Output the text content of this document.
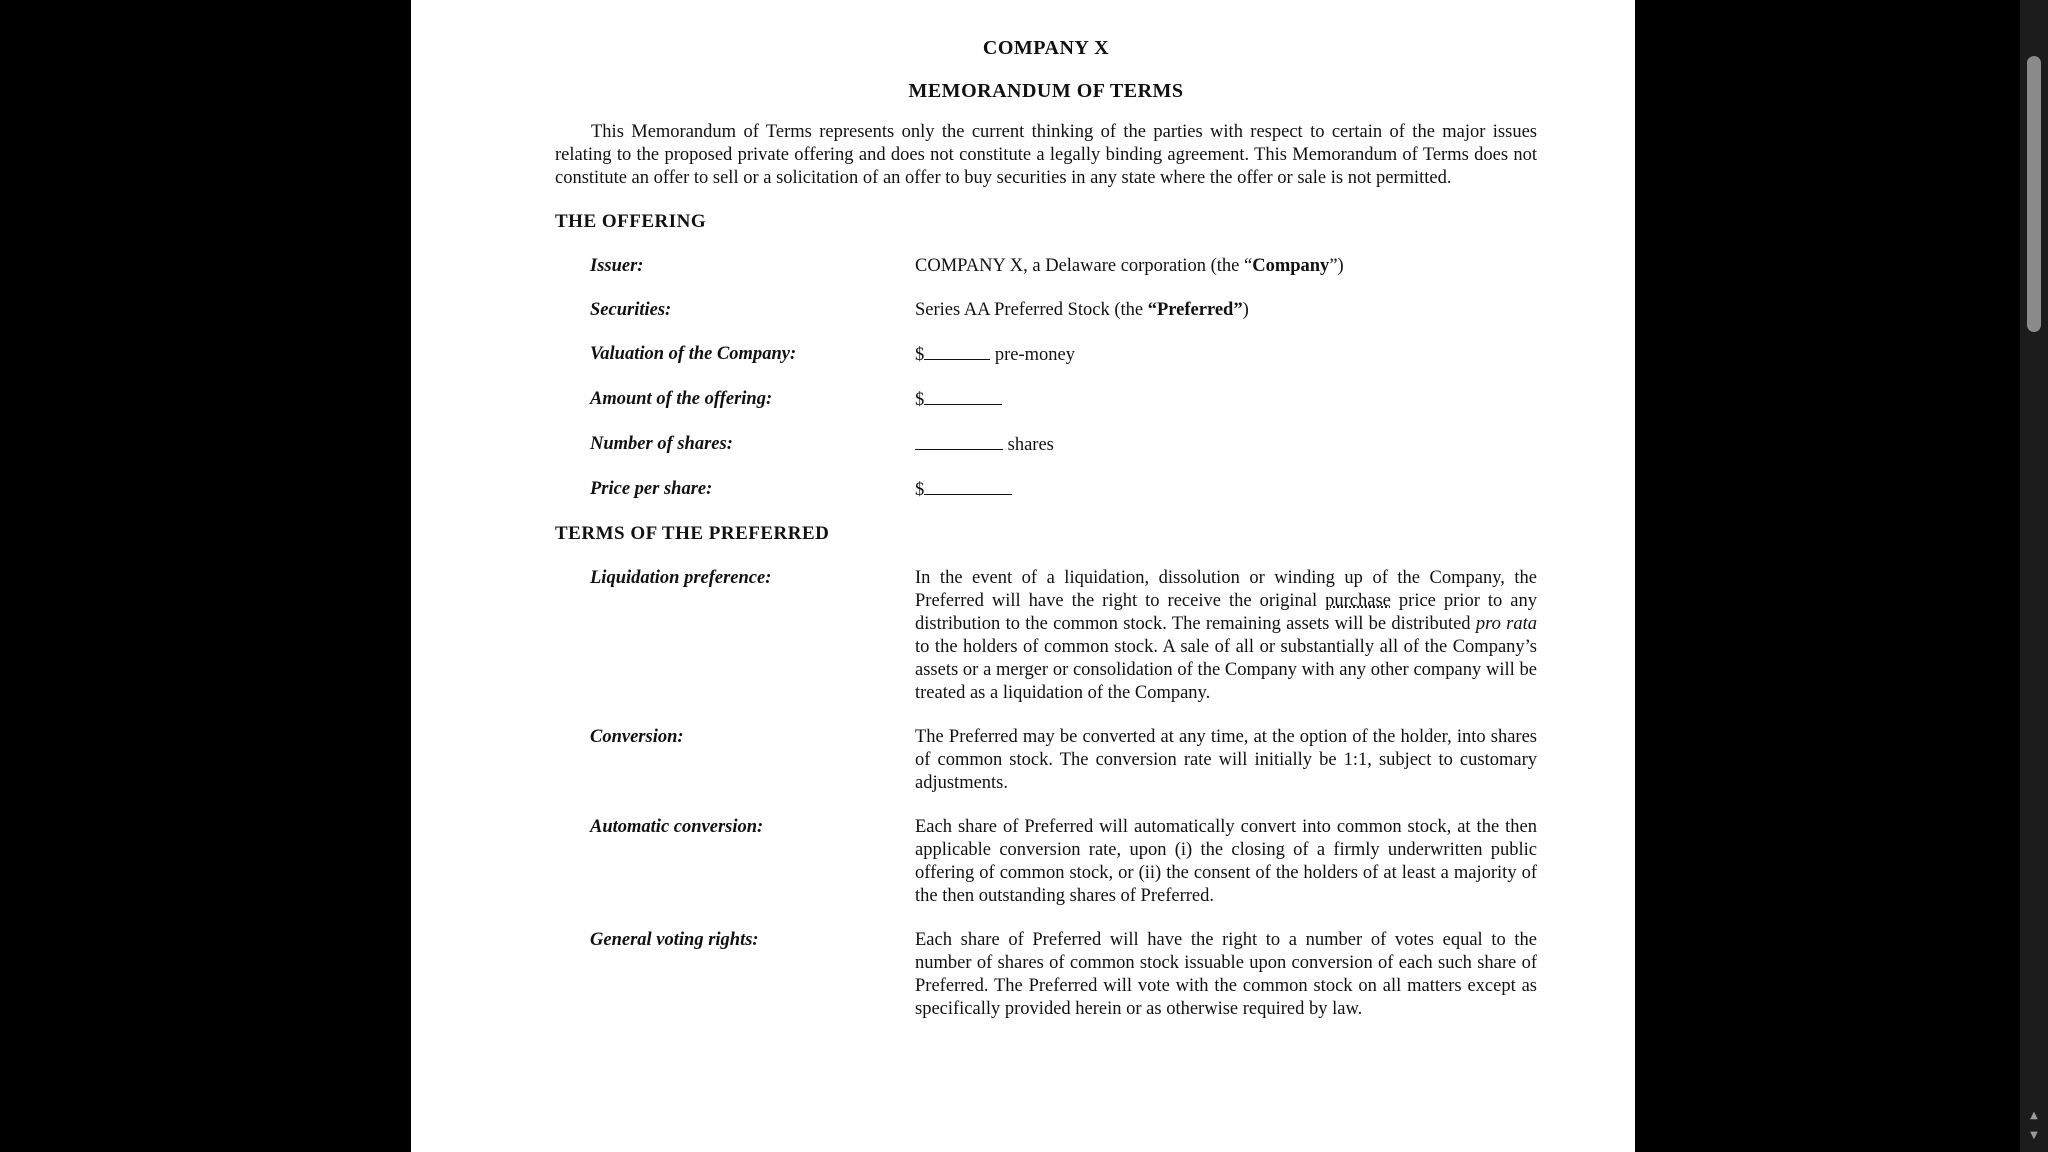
COMPANY X
MEMORANDUM OF TERMS

This Memorandum of Terms represents only the current thinking of the parties with respect to certain of the major issues relating to the proposed private offering and does not constitute a legally binding agreement. This Memorandum of Terms does not constitute an offer to sell or a solicitation of an offer to buy securities in any state where the offer or sale is not permitted.

THE OFFERING
Issuer:	COMPANY X, a Delaware corporation (the “Company”)
Securities:	Series AA Preferred Stock (the “Preferred”)
Valuation of the Company:	$	pre-money
Amount of the offering:	$
Number of shares:	shares
Price per share:	$
TERMS OF THE PREFERRED
Liquidation preference:	In the event of a liquidation, dissolution or winding up of the Company, the Preferred will have the right to receive the original purchase price prior to any distribution to the common stock. The remaining assets will be distributed pro rata to the holders of common stock. A sale of all or substantially all of the Company’s assets or a merger or consolidation of the Company with any other company will be treated as a liquidation of the Company.
Conversion:	The Preferred may be converted at any time, at the option of the holder, into shares of common stock. The conversion rate will initially be 1:1, subject to customary adjustments.
Automatic conversion:	Each share of Preferred will automatically convert into common stock, at the then applicable conversion rate, upon (i) the closing of a firmly underwritten public offering of common stock, or (ii) the consent of the holders of at least a majority of the then outstanding shares of Preferred.
General voting rights:	Each share of Preferred will have the right to a number of votes equal to the number of shares of common stock issuable upon conversion of each such share of Preferred. The Preferred will vote with the common stock on all matters except as specifically provided herein or as otherwise required by law.
▲
▼
